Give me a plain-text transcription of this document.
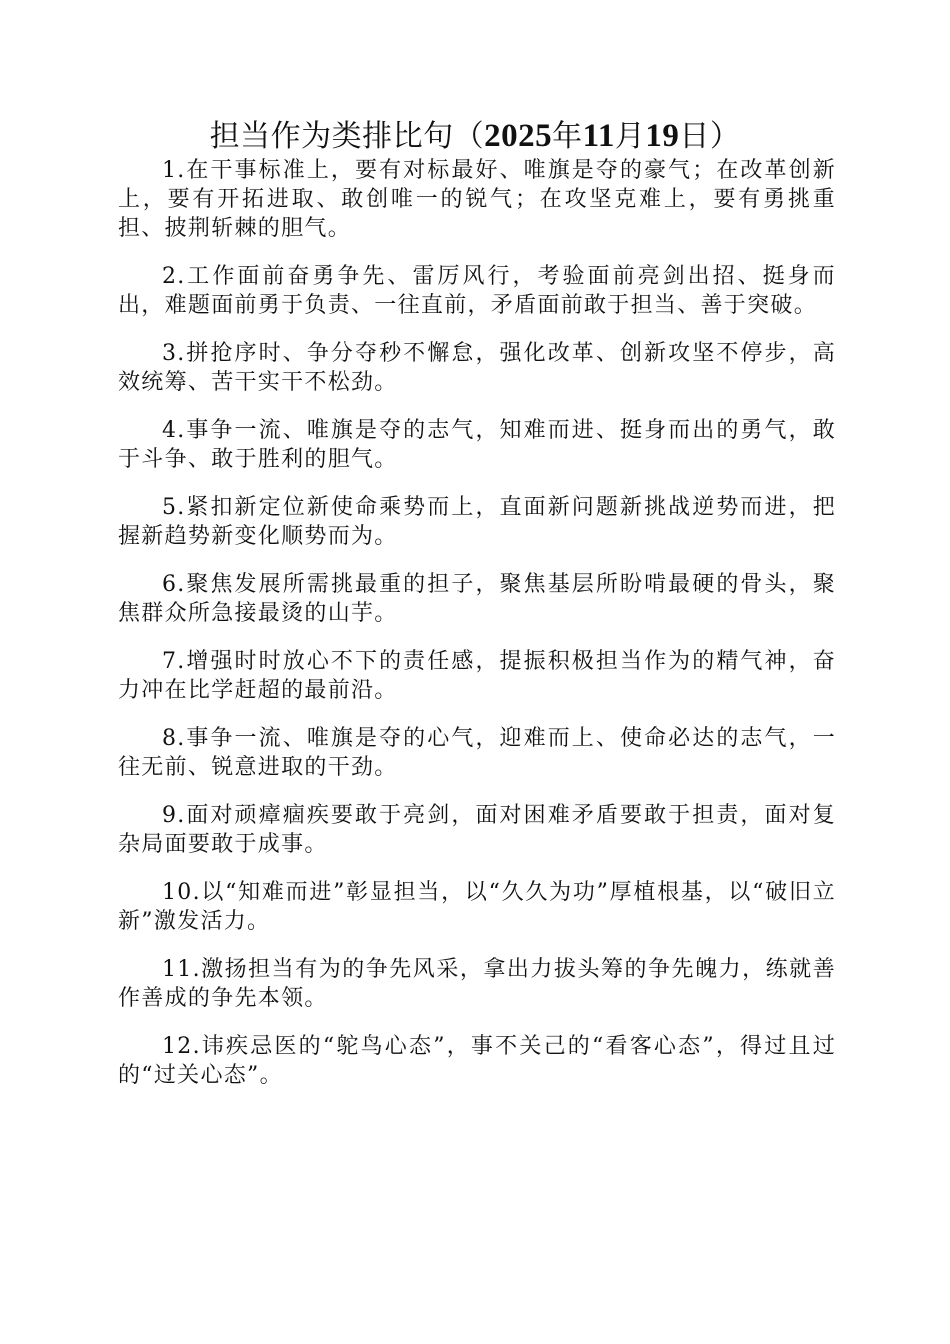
担当作为类排比句（2025年11月19日）

1.在干事标准上，要有对标最好、唯旗是夺的豪气；在改革创新上，要有开拓进取、敢创唯一的锐气；在攻坚克难上，要有勇挑重担、披荆斩棘的胆气。

2.工作面前奋勇争先、雷厉风行，考验面前亮剑出招、挺身而出，难题面前勇于负责、一往直前，矛盾面前敢于担当、善于突破。

3.拼抢序时、争分夺秒不懈怠，强化改革、创新攻坚不停步，高效统筹、苦干实干不松劲。

4.事争一流、唯旗是夺的志气，知难而进、挺身而出的勇气，敢于斗争、敢于胜利的胆气。

5.紧扣新定位新使命乘势而上，直面新问题新挑战逆势而进，把握新趋势新变化顺势而为。

6.聚焦发展所需挑最重的担子，聚焦基层所盼啃最硬的骨头，聚焦群众所急接最烫的山芋。

7.增强时时放心不下的责任感，提振积极担当作为的精气神，奋力冲在比学赶超的最前沿。

8.事争一流、唯旗是夺的心气，迎难而上、使命必达的志气，一往无前、锐意进取的干劲。

9.面对顽瘴痼疾要敢于亮剑，面对困难矛盾要敢于担责，面对复杂局面要敢于成事。

10.以“知难而进”彰显担当，以“久久为功”厚植根基，以“破旧立新”激发活力。

11.激扬担当有为的争先风采，拿出力拔头筹的争先魄力，练就善作善成的争先本领。

12.讳疾忌医的“鸵鸟心态”，事不关己的“看客心态”，得过且过的“过关心态”。
